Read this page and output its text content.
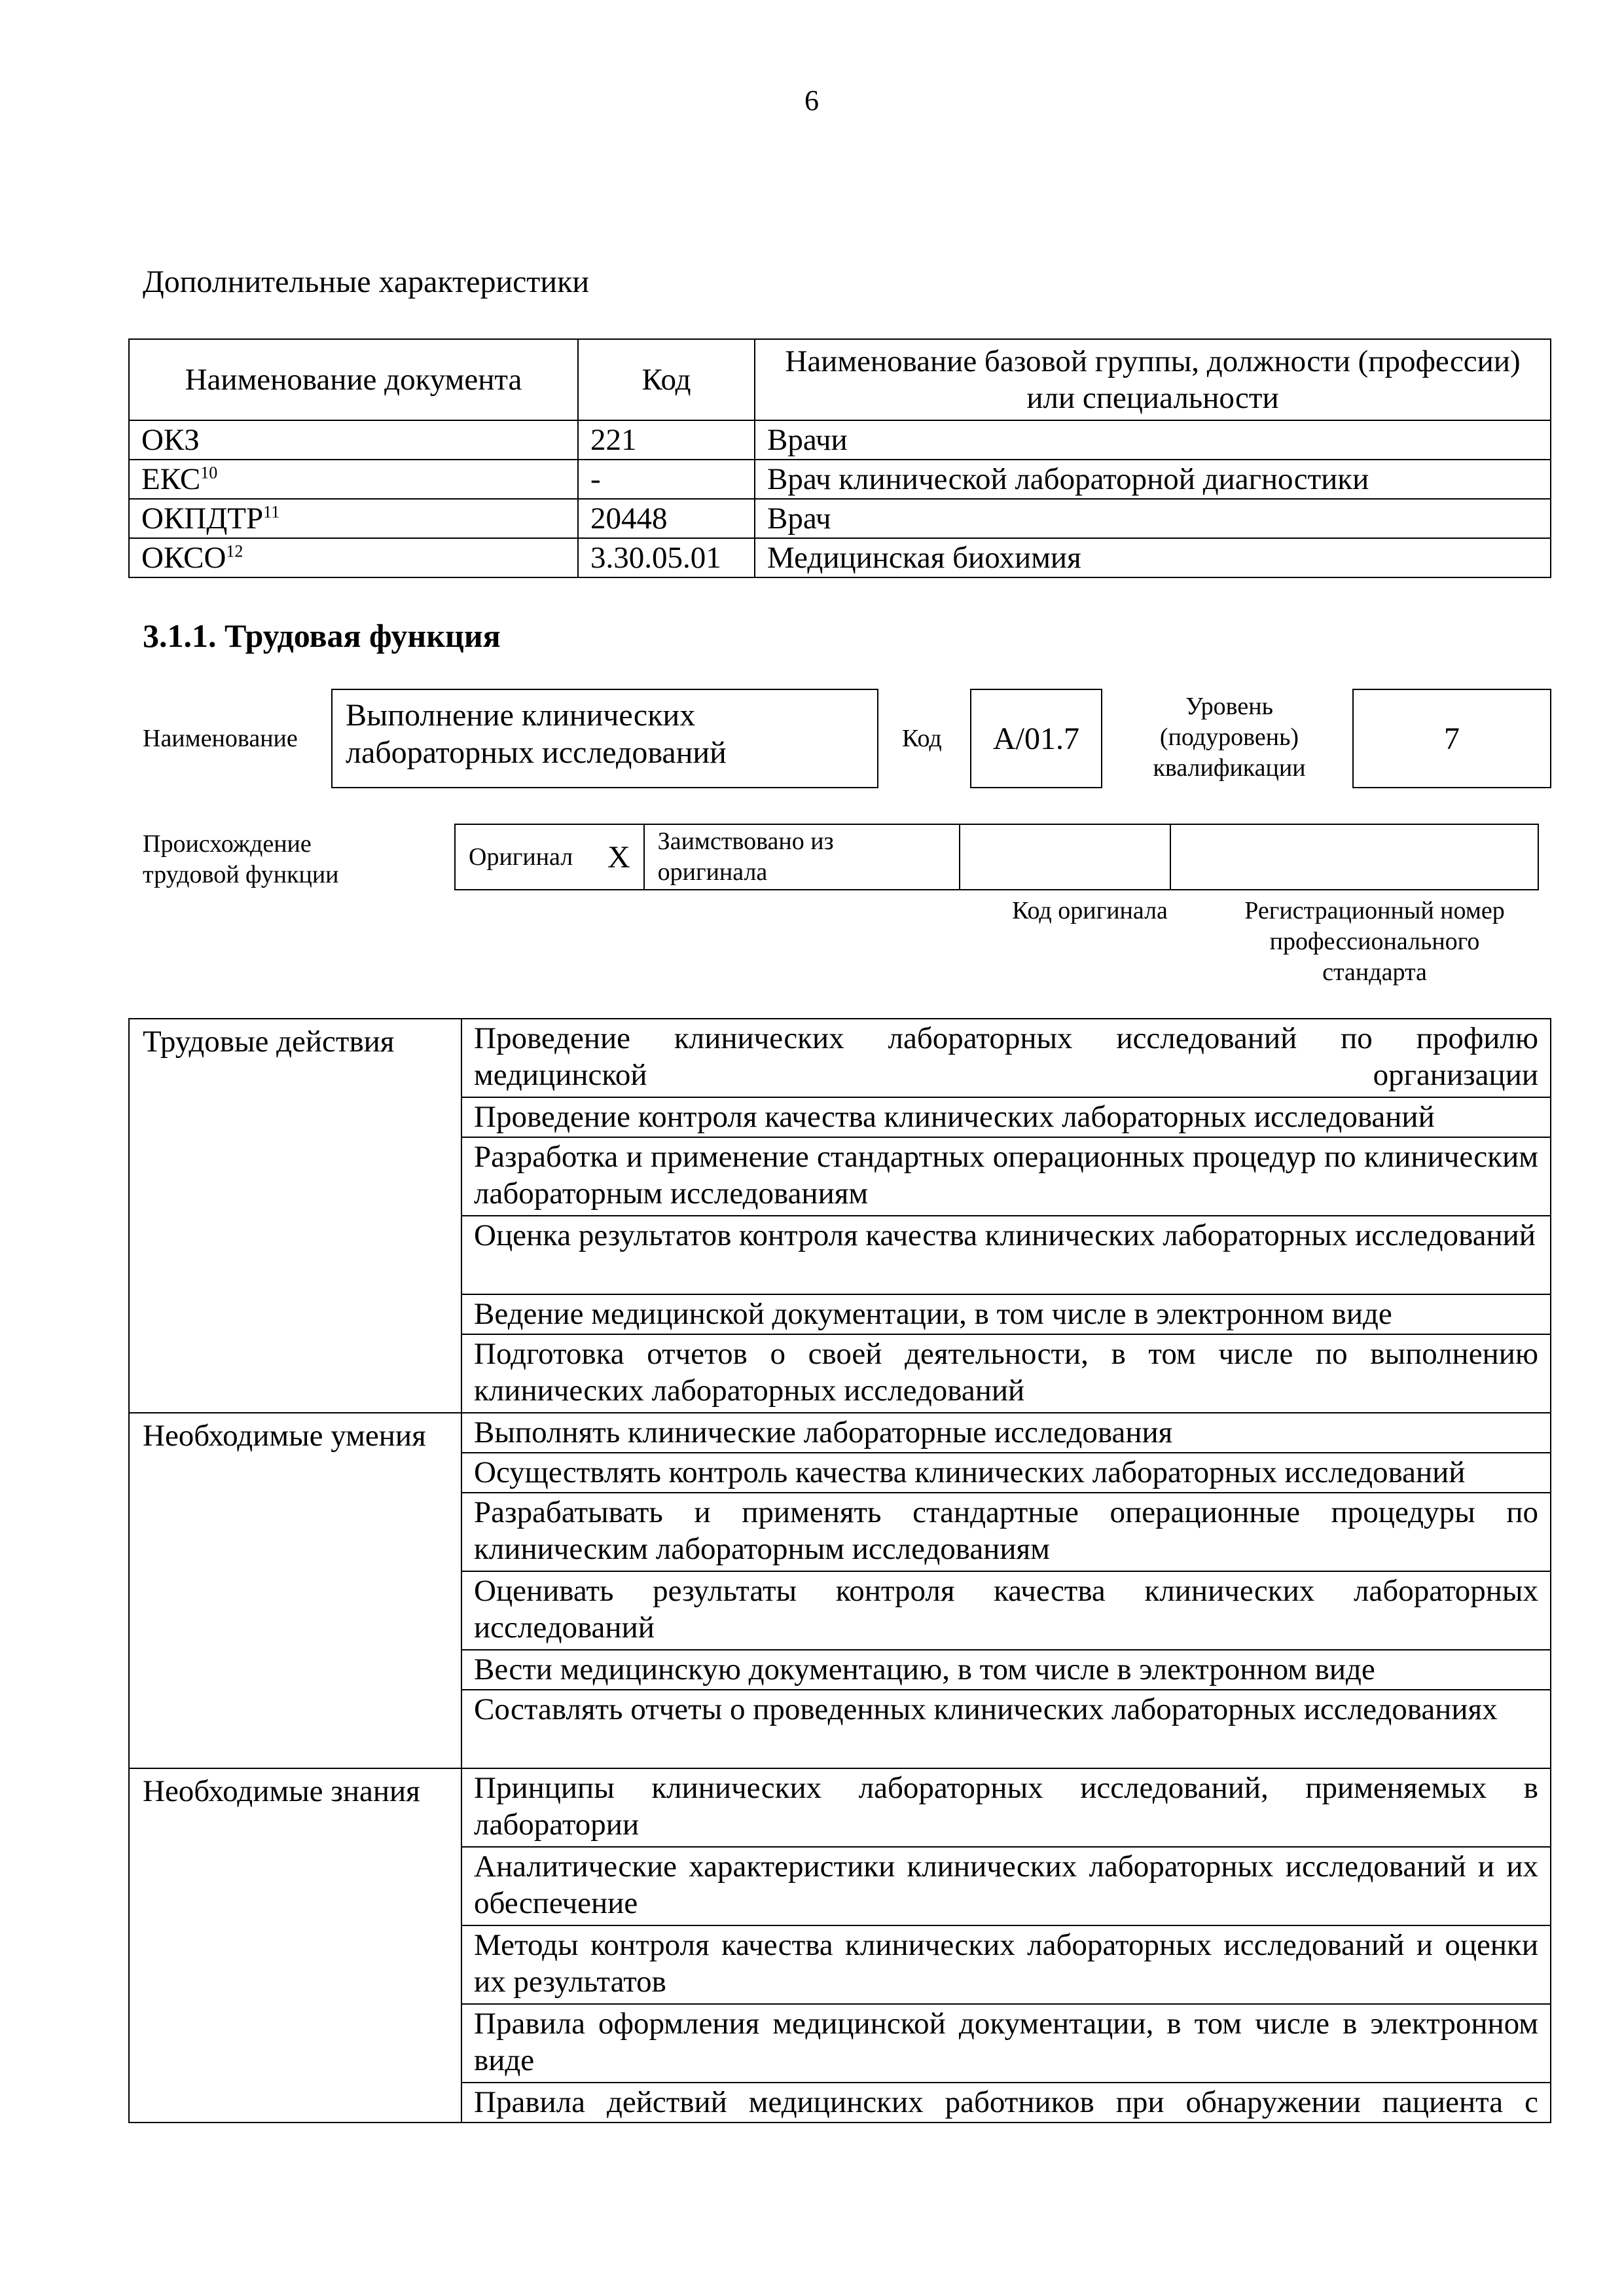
6
Дополнительные характеристики
Наименование документа	Код	Наименование базовой группы, должности (профессии) или специальности
ОКЗ	221	Врачи
ЕКС$^{10}$	-	Врач клинической лабораторной диагностики
ОКПДТР$^{11}$	20448	Врач
ОКСО$^{12}$	3.30.05.01	Медицинская биохимия
3.1.1. Трудовая функция
Наименование
Выполнение клинических лабораторных исследований	Код	A/01.7
Уровень (подуровень) квалификации
7
Происхождение трудовой функции
Оригинал	X	Заимствовано из оригинала		
Код оригинала	Регистрационный номер профессионального стандарта
Трудовые действия	Проведение клинических лабораторных исследований по профилю медицинской организации
	Проведение контроля качества клинических лабораторных исследований
	Разработка и применение стандартных операционных процедур по клиническим лабораторным исследованиям
	Оценка результатов контроля качества клинических лабораторных исследований
	Ведение медицинской документации, в том числе в электронном виде
	Подготовка отчетов о своей деятельности, в том числе по выполнению клинических лабораторных исследований
Необходимые умения	Выполнять клинические лабораторные исследования
	Осуществлять контроль качества клинических лабораторных исследований
	Разрабатывать и применять стандартные операционные процедуры по клиническим лабораторным исследованиям
	Оценивать результаты контроля качества клинических лабораторных исследований
	Вести медицинскую документацию, в том числе в электронном виде
	Составлять отчеты о проведенных клинических лабораторных исследованиях
Необходимые знания	Принципы клинических лабораторных исследований, применяемых в лаборатории
	Аналитические характеристики клинических лабораторных исследований и их обеспечение
	Методы контроля качества клинических лабораторных исследований и оценки их результатов
	Правила оформления медицинской документации, в том числе в электронном виде
	Правила действий медицинских работников при обнаружении пациента с
